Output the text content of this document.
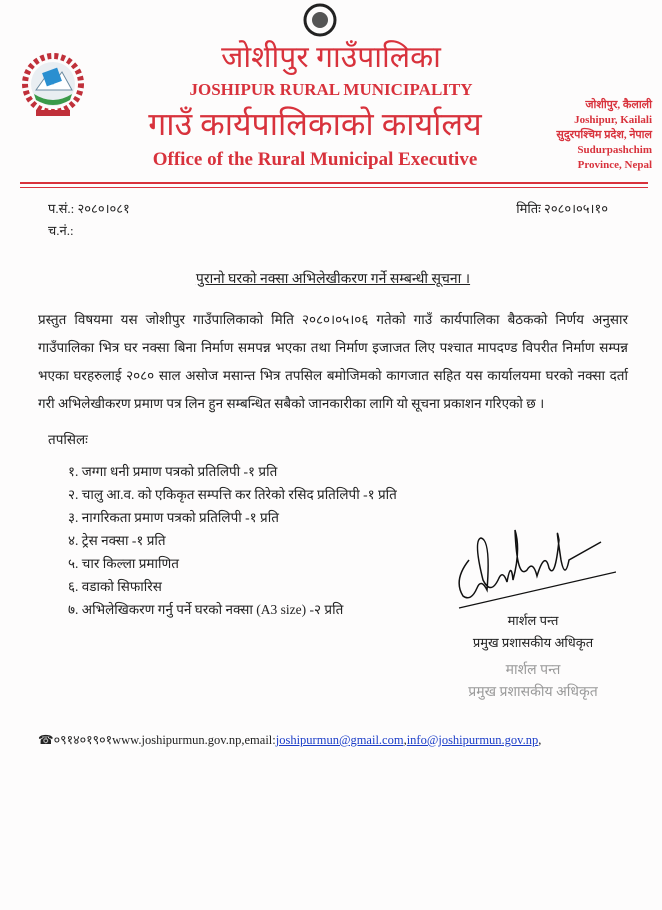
जोशीपुर गाउँपालिका
JOSHIPUR RURAL MUNICIPALITY
गाउँ कार्यपालिकाको कार्यालय
Office of the Rural Municipal Executive
जोशीपुर, कैलाली
Joshipur, Kailali
सुदुरपश्चिम प्रदेश, नेपाल
Sudurpashchim
Province, Nepal
प.सं.: २०८०।०८१
च.नं.:
मितिः २०८०।०५।१०
पुरानो घरको नक्सा अभिलेखीकरण गर्ने सम्बन्धी सूचना ।
प्रस्तुत विषयमा यस जोशीपुर गाउँपालिकाको मिति २०८०।०५।०६ गतेको गाउँ कार्यपालिका बैठकको निर्णय अनुसार गाउँपालिका भित्र घर नक्सा बिना निर्माण समपन्न भएका तथा निर्माण इजाजत लिए पश्चात मापदण्ड विपरीत निर्माण सम्पन्न भएका घरहरुलाई २०८० साल असोज मसान्त भित्र तपसिल बमोजिमको कागजात सहित यस कार्यालयमा घरको नक्सा दर्ता गरी अभिलेखीकरण प्रमाण पत्र लिन हुन सम्बन्धित सबैको जानकारीका लागि यो सूचना प्रकाशन गरिएको छ ।
तपसिलः
१. जग्गा धनी प्रमाण पत्रको प्रतिलिपी -१ प्रति
२. चालु आ.व. को एकिकृत सम्पत्ति कर तिरेको रसिद प्रतिलिपी -१ प्रति
३. नागरिकता प्रमाण पत्रको प्रतिलिपी -१ प्रति
४. ट्रेस नक्सा -१ प्रति
५. चार किल्ला प्रमाणित
६. वडाको सिफारिस
७. अभिलेखिकरण गर्नु पर्ने घरको नक्सा (A3 size) -२ प्रति
मार्शल पन्त
प्रमुख प्रशासकीय अधिकृत
मार्शल पन्त
प्रमुख प्रशासकीय अधिकृत
☎०९१४०१९०१www.joshipurmun.gov.np,email:joshipurmun@gmail.com,info@joshipurmun.gov.np,
